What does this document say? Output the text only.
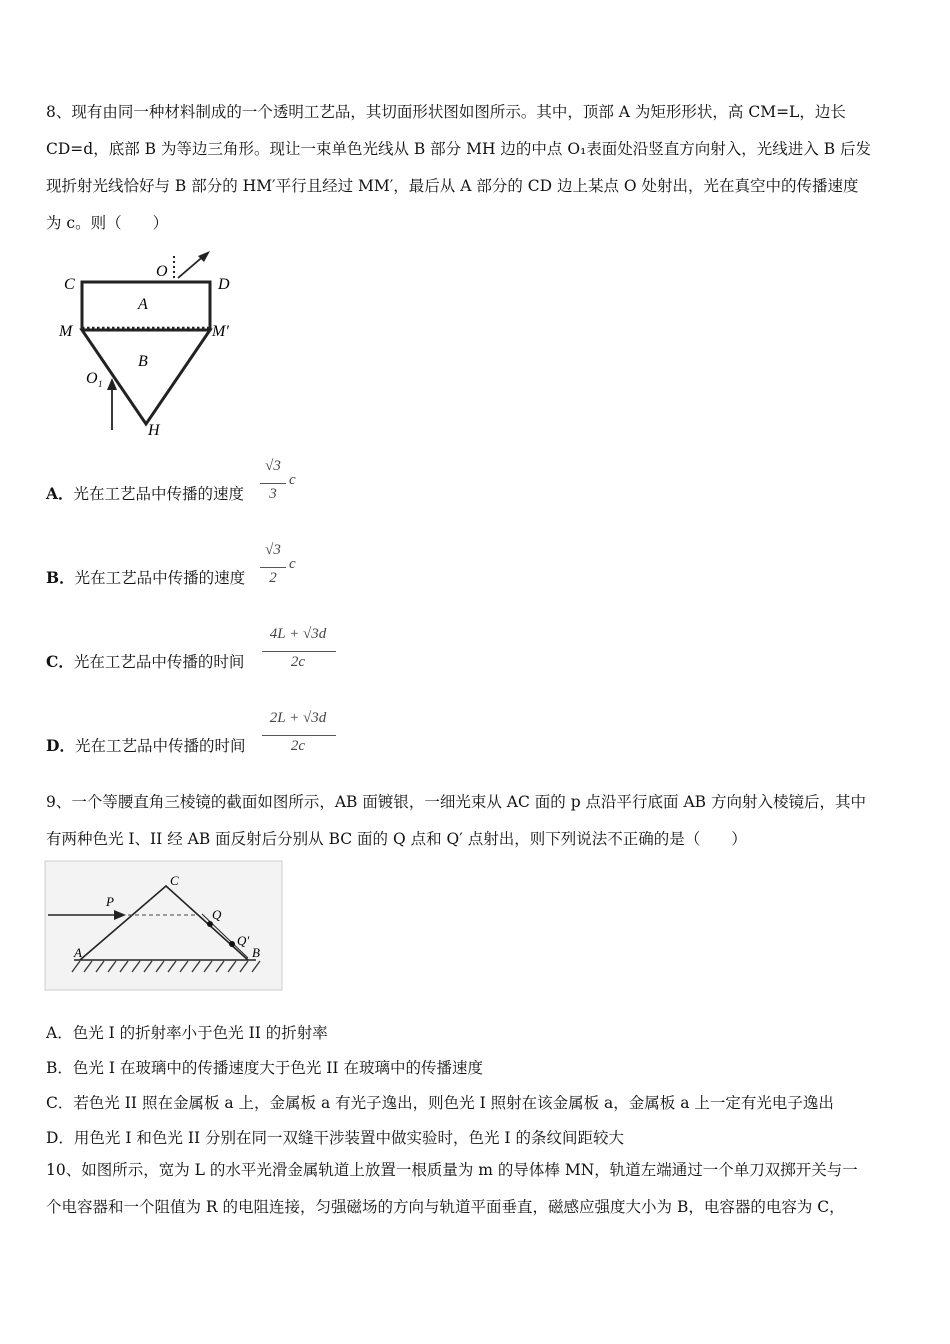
8、现有由同一种材料制成的一个透明工艺品，其切面形状图如图所示。其中，顶部 A 为矩形形状，高 CM=L，边长
CD=d，底部 B 为等边三角形。现让一束单色光线从 B 部分 MH 边的中点 O₁表面处沿竖直方向射入，光线进入 B 后发
现折射光线恰好与 B 部分的 HM′平行且经过 MM′，最后从 A 部分的 CD 边上某点 O 处射出，光在真空中的传播速度
为 c。则（　　）
C
O
D
A
M	M′
B
O 1
H
A．光在工艺品中传播的速度
√3
3
c
B．光在工艺品中传播的速度
√3
2
c
C．光在工艺品中传播的时间
4L + √3d
2c
D．光在工艺品中传播的时间
2L + √3d
2c
9、一个等腰直角三棱镜的截面如图所示，AB 面镀银，一细光束从 AC 面的 p 点沿平行底面 AB 方向射入棱镜后，其中
有两种色光 I、II 经 AB 面反射后分别从 BC 面的 Q 点和 Q′ 点射出，则下列说法不正确的是（　　）
C
P
Q
Q′
A	B
A．色光 I 的折射率小于色光 II 的折射率
B．色光 I 在玻璃中的传播速度大于色光 II 在玻璃中的传播速度
C．若色光 II 照在金属板 a 上，金属板 a 有光子逸出，则色光 I 照射在该金属板 a，金属板 a 上一定有光电子逸出
D．用色光 I 和色光 II 分别在同一双缝干涉装置中做实验时，色光 I 的条纹间距较大
10、如图所示，宽为 L 的水平光滑金属轨道上放置一根质量为 m 的导体棒 MN，轨道左端通过一个单刀双掷开关与一
个电容器和一个阻值为 R 的电阻连接，匀强磁场的方向与轨道平面垂直，磁感应强度大小为 B，电容器的电容为 C，
